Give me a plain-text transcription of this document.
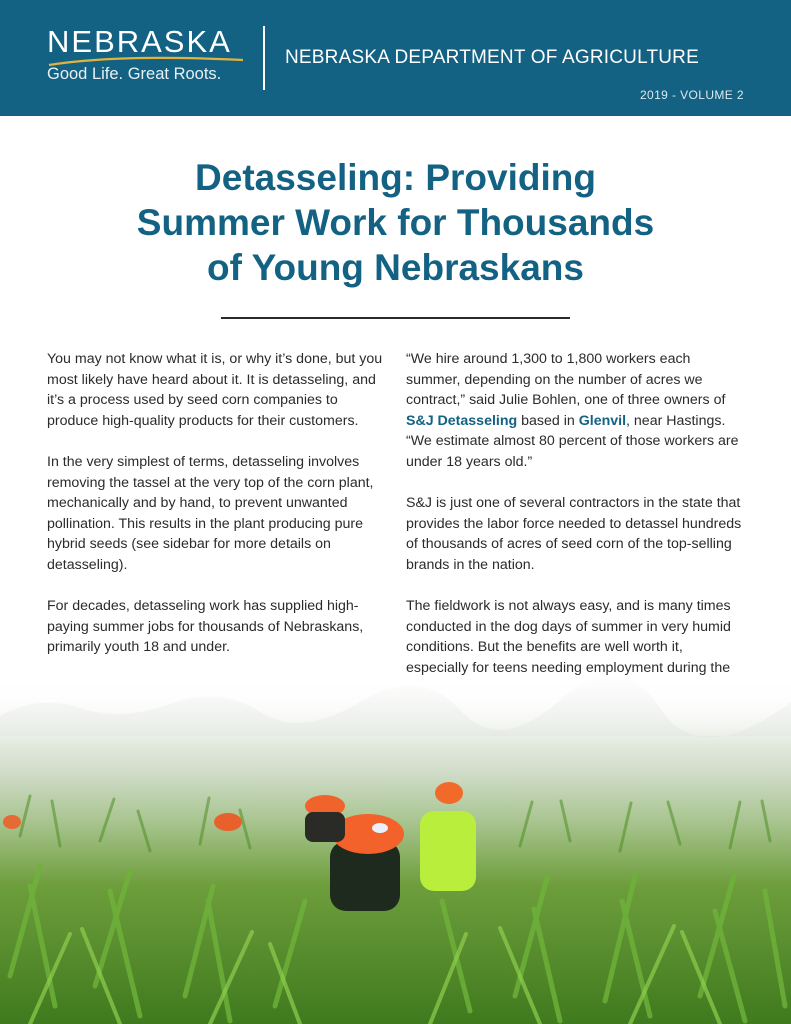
NEBRASKA
Good Life. Great Roots.
NEBRASKA DEPARTMENT OF AGRICULTURE
2019 - VOLUME 2
Detasseling: Providing
Summer Work for Thousands
of Young Nebraskans

You may not know what it is, or why it’s done, but you most likely have heard about it. It is detasseling, and it’s a process used by seed corn companies to produce high-quality products for their customers.

In the very simplest of terms, detasseling involves removing the tassel at the very top of the corn plant, mechanically and by hand, to prevent unwanted pollination. This results in the plant producing pure hybrid seeds (see sidebar for more details on detasseling).

For decades, detasseling work has supplied high-paying summer jobs for thousands of Nebraskans, primarily youth 18 and under.

“We hire around 1,300 to 1,800 workers each summer, depending on the number of acres we contract,” said Julie Bohlen, one of three owners of S&J Detasseling based in Glenvil, near Hastings. “We estimate almost 80 percent of those workers are under 18 years old.”

S&J is just one of several contractors in the state that provides the labor force needed to detassel hundreds of thousands of acres of seed corn of the top-selling brands in the nation.

The fieldwork is not always easy, and is many times conducted in the dog days of summer in very humid conditions. But the benefits are well worth it, especially for teens needing employment during the
